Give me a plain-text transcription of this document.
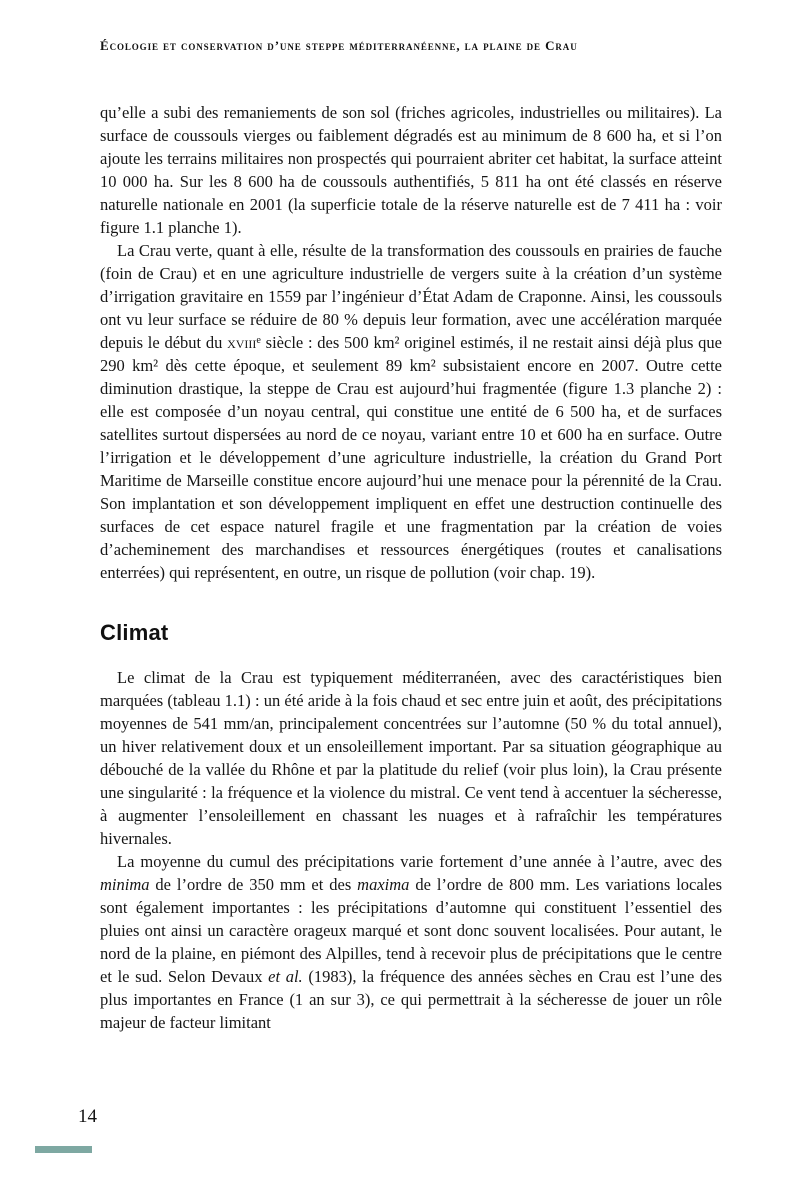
Écologie et conservation d’une steppe méditerranéenne, la plaine de Crau

qu’elle a subi des remaniements de son sol (friches agricoles, industrielles ou militaires). La surface de coussouls vierges ou faiblement dégradés est au minimum de 8 600 ha, et si l’on ajoute les terrains militaires non prospectés qui pourraient abriter cet habitat, la surface atteint 10 000 ha. Sur les 8 600 ha de coussouls authentifiés, 5 811 ha ont été classés en réserve naturelle nationale en 2001 (la superficie totale de la réserve naturelle est de 7 411 ha : voir figure 1.1 planche 1).

La Crau verte, quant à elle, résulte de la transformation des coussouls en prairies de fauche (foin de Crau) et en une agriculture industrielle de vergers suite à la création d’un système d’irrigation gravitaire en 1559 par l’ingénieur d’État Adam de Craponne. Ainsi, les coussouls ont vu leur surface se réduire de 80 % depuis leur formation, avec une accélération marquée depuis le début du xviii$^e$ siècle : des 500 km² originel estimés, il ne restait ainsi déjà plus que 290 km² dès cette époque, et seulement 89 km² subsistaient encore en 2007. Outre cette diminution drastique, la steppe de Crau est aujourd’hui fragmentée (figure 1.3 planche 2) : elle est composée d’un noyau central, qui constitue une entité de 6 500 ha, et de surfaces satellites surtout dispersées au nord de ce noyau, variant entre 10 et 600 ha en surface. Outre l’irrigation et le développement d’une agriculture industrielle, la création du Grand Port Maritime de Marseille constitue encore aujourd’hui une menace pour la pérennité de la Crau. Son implantation et son développement impliquent en effet une destruction continuelle des surfaces de cet espace naturel fragile et une fragmentation par la création de voies d’acheminement des marchandises et ressources énergétiques (routes et canalisations enterrées) qui représentent, en outre, un risque de pollution (voir chap. 19).

Climat

Le climat de la Crau est typiquement méditerranéen, avec des caractéristiques bien marquées (tableau 1.1) : un été aride à la fois chaud et sec entre juin et août, des précipitations moyennes de 541 mm/an, principalement concentrées sur l’automne (50 % du total annuel), un hiver relativement doux et un ensoleillement important. Par sa situation géographique au débouché de la vallée du Rhône et par la platitude du relief (voir plus loin), la Crau présente une singularité : la fréquence et la violence du mistral. Ce vent tend à accentuer la sécheresse, à augmenter l’ensoleillement en chassant les nuages et à rafraîchir les températures hivernales.

La moyenne du cumul des précipitations varie fortement d’une année à l’autre, avec des minima de l’ordre de 350 mm et des maxima de l’ordre de 800 mm. Les variations locales sont également importantes : les précipitations d’automne qui constituent l’essentiel des pluies ont ainsi un caractère orageux marqué et sont donc souvent localisées. Pour autant, le nord de la plaine, en piémont des Alpilles, tend à recevoir plus de précipitations que le centre et le sud. Selon Devaux et al. (1983), la fréquence des années sèches en Crau est l’une des plus importantes en France (1 an sur 3), ce qui permettrait à la sécheresse de jouer un rôle majeur de facteur limitant

14
